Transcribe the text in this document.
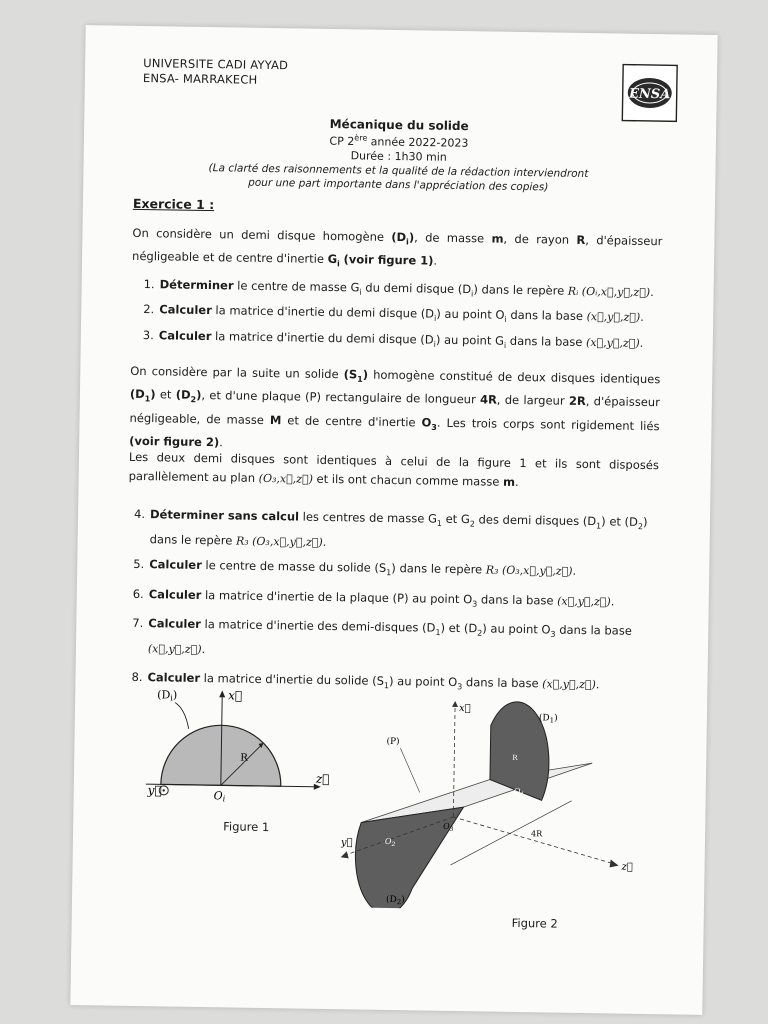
UNIVERSITE CADI AYYAD
ENSA- MARRAKECH
ENSA
Mécanique du solide
CP 2ère année 2022-2023
Durée : 1h30 min
(La clarté des raisonnements et la qualité de la rédaction interviendront
pour une part importante dans l'appréciation des copies)
Exercice 1 :
On considère un demi disque homogène $(D_i)$, de masse m, de rayon R, d'épaisseur négligeable et de centre d'inertie $G_i$ (voir figure 1).
1. Déterminer le centre de masse $G_i$ du demi disque $(D_i)$ dans le repère Rᵢ (Oᵢ,x⃗,y⃗,z⃗).
2. Calculer la matrice d'inertie du demi disque $(D_i)$ au point $O_i$ dans la base (x⃗,y⃗,z⃗).
3. Calculer la matrice d'inertie du demi disque $(D_i)$ au point $G_i$ dans la base (x⃗,y⃗,z⃗).
On considère par la suite un solide $(S_1)$ homogène constitué de deux disques identiques $(D_1)$ et $(D_2)$, et d'une plaque (P) rectangulaire de longueur 4R, de largeur 2R, d'épaisseur négligeable, de masse M et de centre d'inertie $O_3$. Les trois corps sont rigidement liés (voir figure 2).
Les deux demi disques sont identiques à celui de la figure 1 et ils sont disposés parallèlement au plan (O₃,x⃗,z⃗) et ils ont chacun comme masse m.
4. Déterminer sans calcul les centres de masse $G_1$ et $G_2$ des demi disques $(D_1)$ et $(D_2)$
dans le repère R₃ (O₃,x⃗,y⃗,z⃗).
5. Calculer le centre de masse du solide $(S_1)$ dans le repère R₃ (O₃,x⃗,y⃗,z⃗).
6. Calculer la matrice d'inertie de la plaque (P) au point $O_3$ dans la base (x⃗,y⃗,z⃗).
7. Calculer la matrice d'inertie des demi-disques $(D_1)$ et $(D_2)$ au point $O_3$ dans la base
(x⃗,y⃗,z⃗).
8. Calculer la matrice d'inertie du solide $(S_1)$ au point $O_3$ dans la base (x⃗,y⃗,z⃗).
R
x⃗
z⃗
(Di)
Oi
y⃗
Figure 1
x⃗
z⃗
y⃗
4R
$(D_1)$
$(D_2)$
(P)
$O_3$
$O_1$
$O_2$
R
Figure 2
